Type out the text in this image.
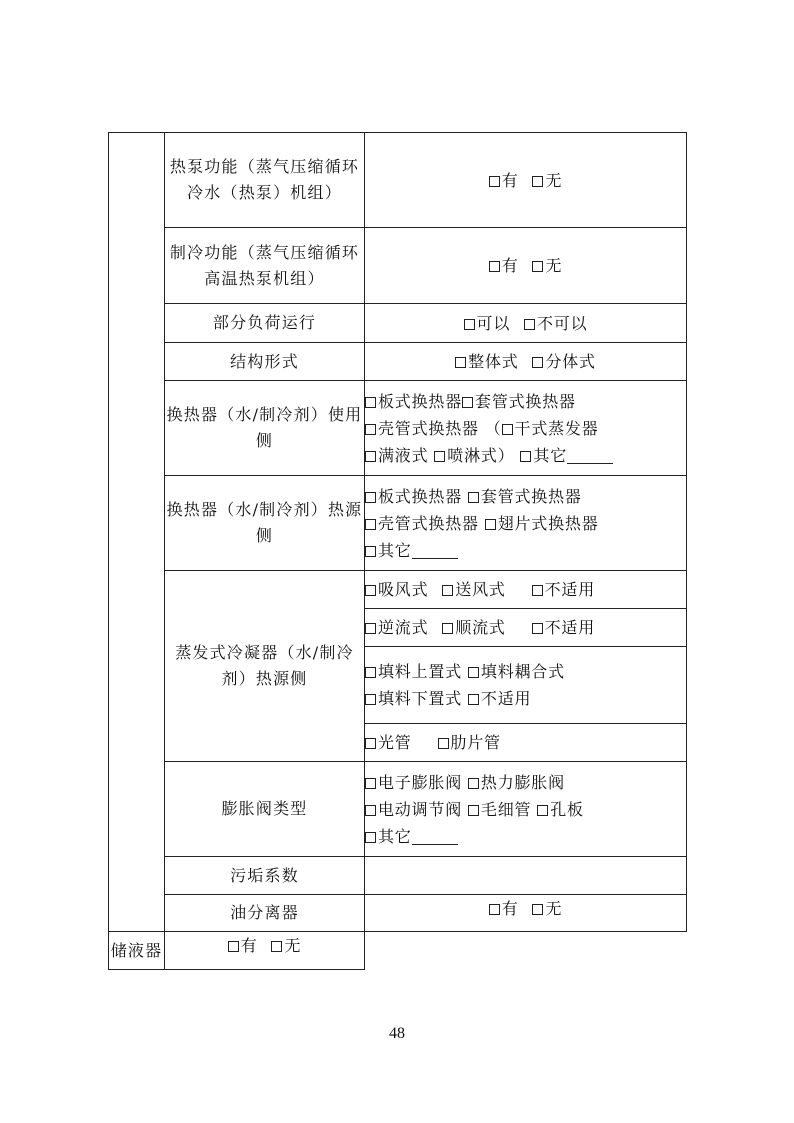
	热泵功能（蒸气压缩循环冷水（热泵）机组）	有 无
	制冷功能（蒸气压缩循环高温热泵机组）	有 无
	部分负荷运行	可以 不可以
	结构形式	整体式 分体式
	换热器（水/制冷剂）使用侧	板式换热器 套管式换热器
壳管式换热器 （ 干式蒸发器
满液式 喷淋式） 其它

	换热器（水/制冷剂）热源侧	板式换热器 套管式换热器
壳管式换热器 翅片式换热器
其它

	蒸发式冷凝器（水/制冷剂）热源侧	吸风式 送风式 不适用
		逆流式 顺流式 不适用

		填料上置式 填料耦合式
填料下置式 不适用

		光管 肋片管
	膨胀阀类型	电子膨胀阀 热力膨胀阀
电动调节阀 毛细管 孔板
其它

	污垢系数	
	油分离器	有 无
储液器	有 无	
48
